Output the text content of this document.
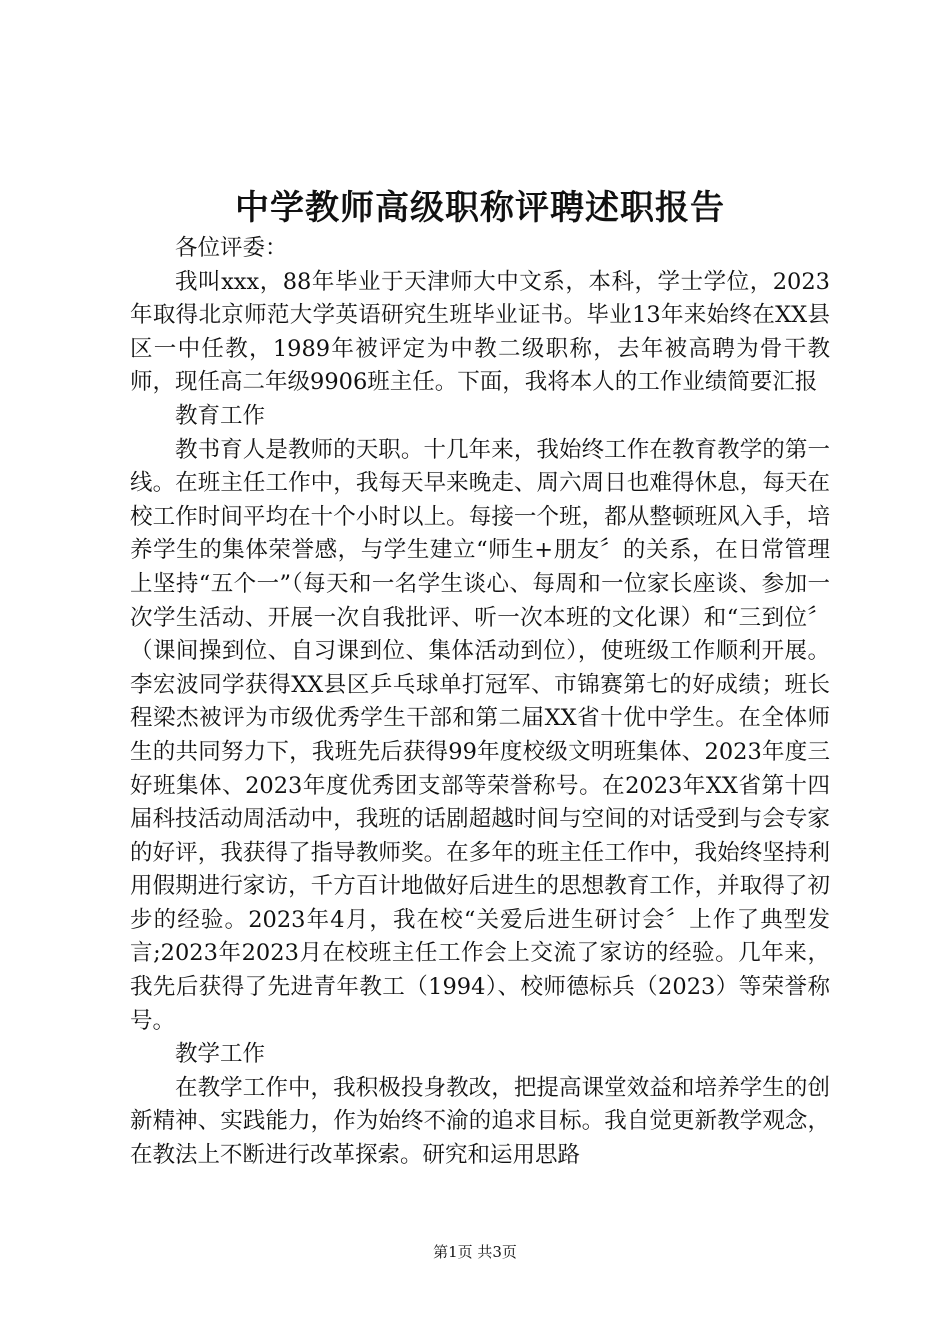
中学教师高级职称评聘述职报告

各位评委：

我叫xxx，88年毕业于天津师大中文系，本科，学士学位，2023年取得北京师范大学英语研究生班毕业证书。毕业13年来始终在XX县区一中任教，1989年被评定为中教二级职称，去年被高聘为骨干教师，现任高二年级9906班主任。下面，我将本人的工作业绩简要汇报

教育工作

教书育人是教师的天职。十几年来，我始终工作在教育教学的第一线。在班主任工作中，我每天早来晚走、周六周日也难得休息，每天在校工作时间平均在十个小时以上。每接一个班，都从整顿班风入手，培养学生的集体荣誉感，与学生建立“师生+朋友〞的关系，在日常管理上坚持“五个一”（每天和一名学生谈心、每周和一位家长座谈、参加一次学生活动、开展一次自我批评、听一次本班的文化课）和“三到位〞（课间操到位、自习课到位、集体活动到位），使班级工作顺利开展。李宏波同学获得XX县区乒乓球单打冠军、市锦赛第七的好成绩；班长程梁杰被评为市级优秀学生干部和第二届XX省十优中学生。在全体师生的共同努力下，我班先后获得99年度校级文明班集体、2023年度三好班集体、2023年度优秀团支部等荣誉称号。在2023年XX省第十四届科技活动周活动中，我班的话剧超越时间与空间的对话受到与会专家的好评，我获得了指导教师奖。在多年的班主任工作中，我始终坚持利用假期进行家访，千方百计地做好后进生的思想教育工作，并取得了初步的经验。2023年4月，我在校“关爱后进生研讨会〞上作了典型发言;2023年2023月在校班主任工作会上交流了家访的经验。几年来，我先后获得了先进青年教工（1994）、校师德标兵（2023）等荣誉称号。

教学工作

在教学工作中，我积极投身教改，把提高课堂效益和培养学生的创新精神、实践能力，作为始终不渝的追求目标。我自觉更新教学观念，在教法上不断进行改革探索。研究和运用思路

第1页 共3页
